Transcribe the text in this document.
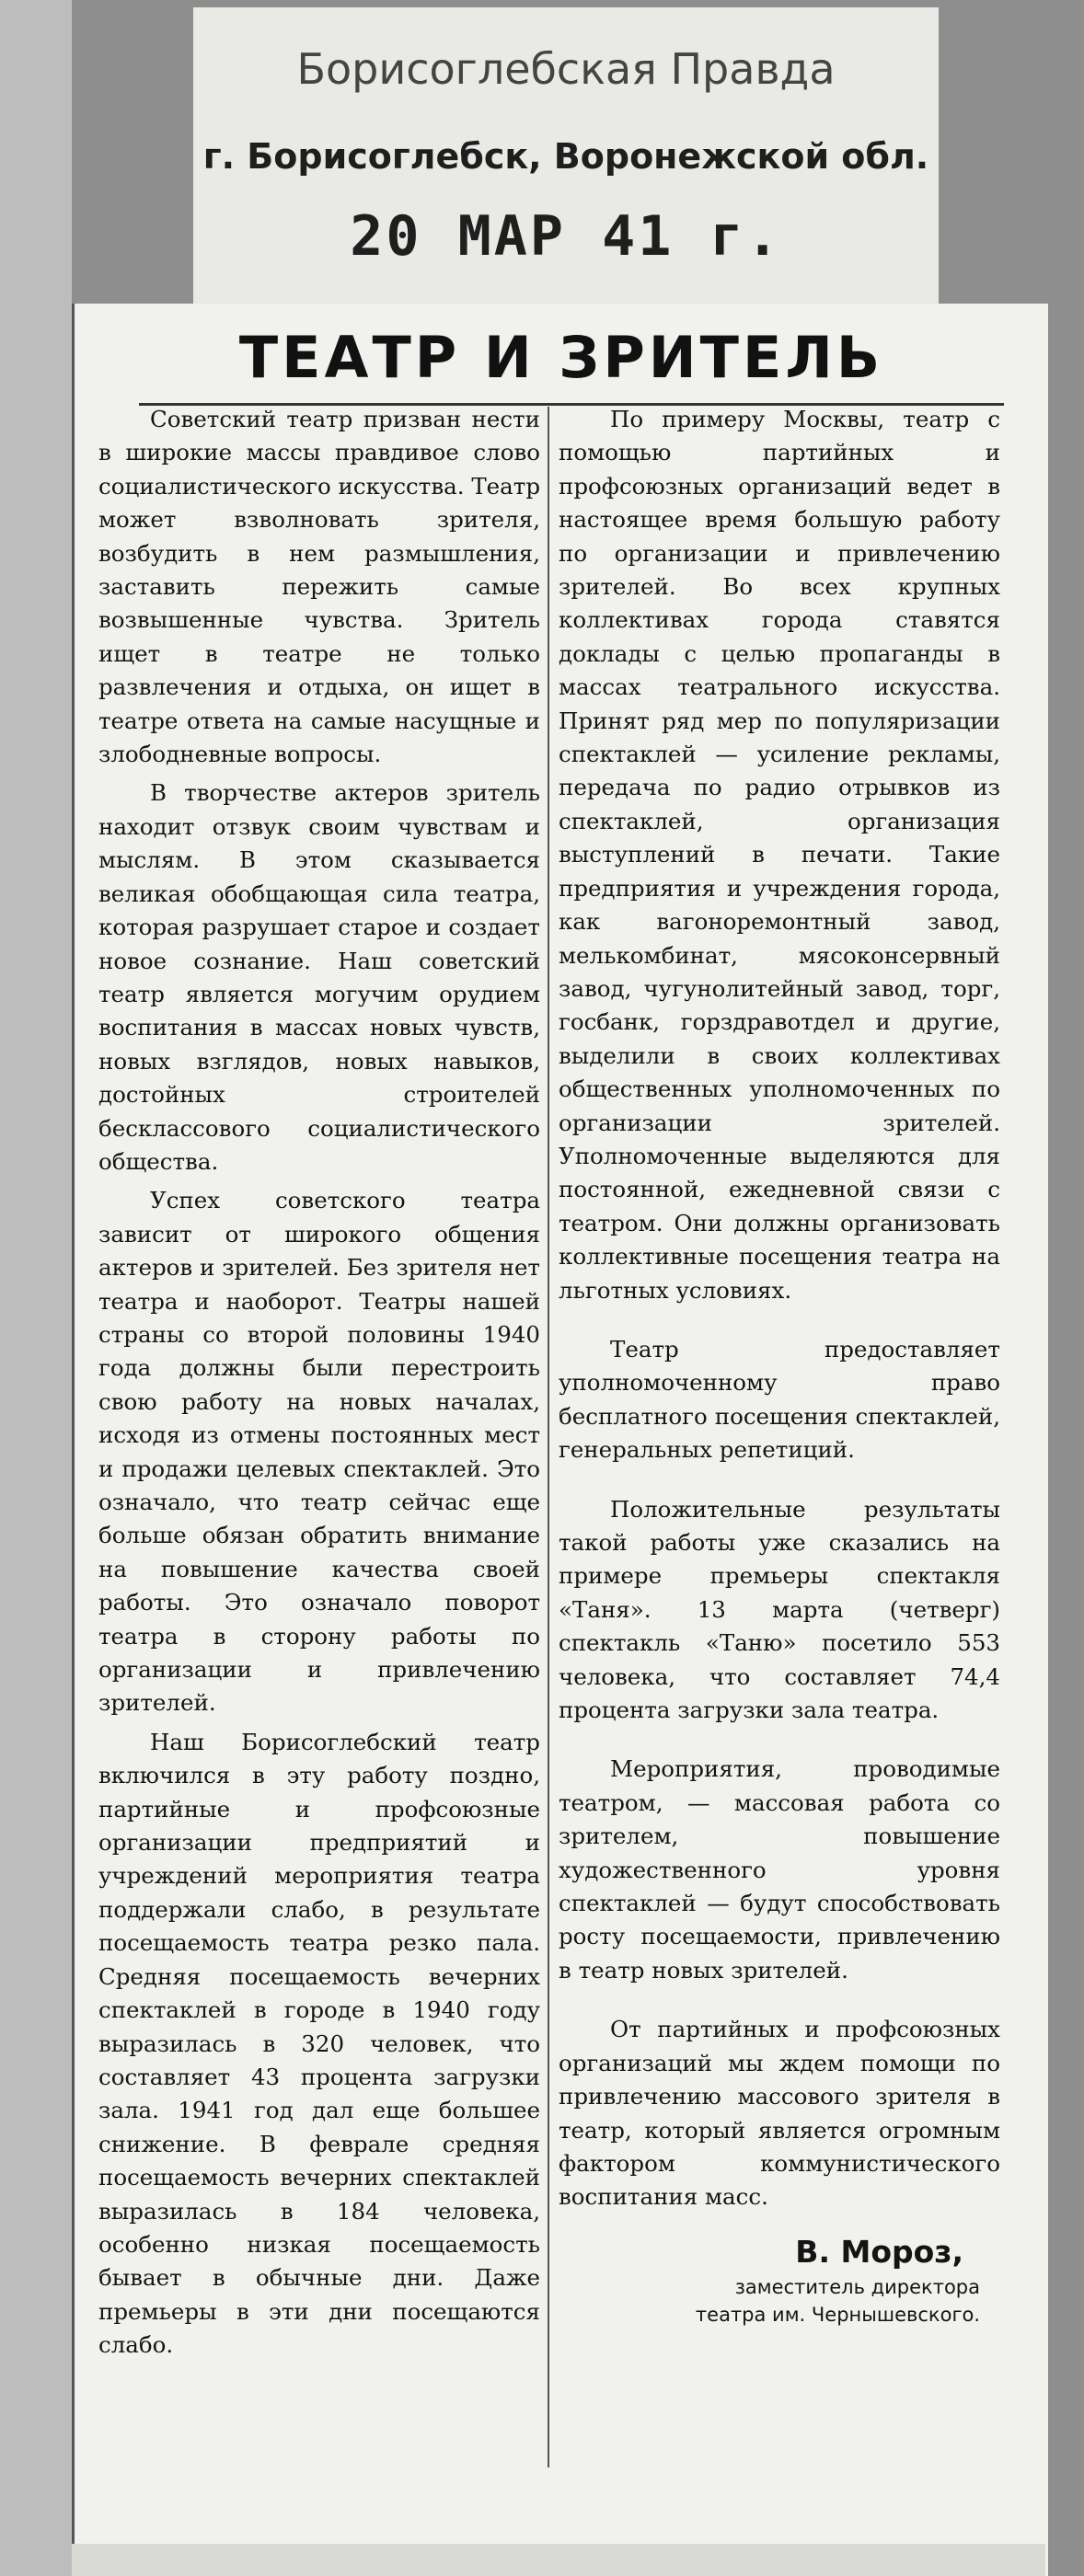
Борисоглебская Правда
г. Борисоглебск, Воронежской обл.
20 МАР 41 г.
ТЕАТР И ЗРИТЕЛЬ

Советский театр призван нести в широкие массы правдивое слово социалистического искусства. Театр может взволновать зрителя, возбудить в нем размышления, заставить пережить самые возвышенные чувства. Зритель ищет в театре не только развлечения и отдыха, он ищет в театре ответа на самые насущные и злободневные вопросы.

В творчестве актеров зритель находит отзвук своим чувствам и мыслям. В этом сказывается великая обобщающая сила театра, которая разрушает старое и создает новое сознание. Наш советский театр является могучим орудием воспитания в массах новых чувств, новых взглядов, новых навыков, достойных строителей бесклассового социалистического общества.

Успех советского театра зависит от широкого общения актеров и зрителей. Без зрителя нет театра и наоборот. Театры нашей страны со второй половины 1940 года должны были перестроить свою работу на новых началах, исходя из отмены постоянных мест и продажи целевых спектаклей. Это означало, что театр сейчас еще больше обязан обратить внимание на повышение качества своей работы. Это означало поворот театра в сторону работы по организации и привлечению зрителей.

Наш Борисоглебский театр включился в эту работу поздно, партийные и профсоюзные организации предприятий и учреждений мероприятия театра поддержали слабо, в результате посещаемость театра резко пала. Средняя посещаемость вечерних спектаклей в городе в 1940 году выразилась в 320 человек, что составляет 43 процента загрузки зала. 1941 год дал еще большее снижение. В феврале средняя посещаемость вечерних спектаклей выразилась в 184 человека, особенно низкая посещаемость бывает в обычные дни. Даже премьеры в эти дни посещаются слабо.

По примеру Москвы, театр с помощью партийных и профсоюзных организаций ведет в настоящее время большую работу по организации и привлечению зрителей. Во всех крупных коллективах города ставятся доклады с целью пропаганды в массах театрального искусства. Принят ряд мер по популяризации спектаклей — усиление рекламы, передача по радио отрывков из спектаклей, организация выступлений в печати. Такие предприятия и учреждения города, как вагоноремонтный завод, мелькомбинат, мясоконсервный завод, чугунолитейный завод, торг, госбанк, горздравотдел и другие, выделили в своих коллективах общественных уполномоченных по организации зрителей. Уполномоченные выделяются для постоянной, ежедневной связи с театром. Они должны организовать коллективные посещения театра на льготных условиях.

Театр предоставляет уполномоченному право бесплатного посещения спектаклей, генеральных репетиций.

Положительные результаты такой работы уже сказались на примере премьеры спектакля «Таня». 13 марта (четверг) спектакль «Таню» посетило 553 человека, что составляет 74,4 процента загрузки зала театра.

Мероприятия, проводимые театром, — массовая работа со зрителем, повышение художественного уровня спектаклей — будут способствовать росту посещаемости, привлечению в театр новых зрителей.

От партийных и профсоюзных организаций мы ждем помощи по привлечению массового зрителя в театр, который является огромным фактором коммунистического воспитания масс.

В. Мороз,
заместитель директора
театра им. Чернышевского.
